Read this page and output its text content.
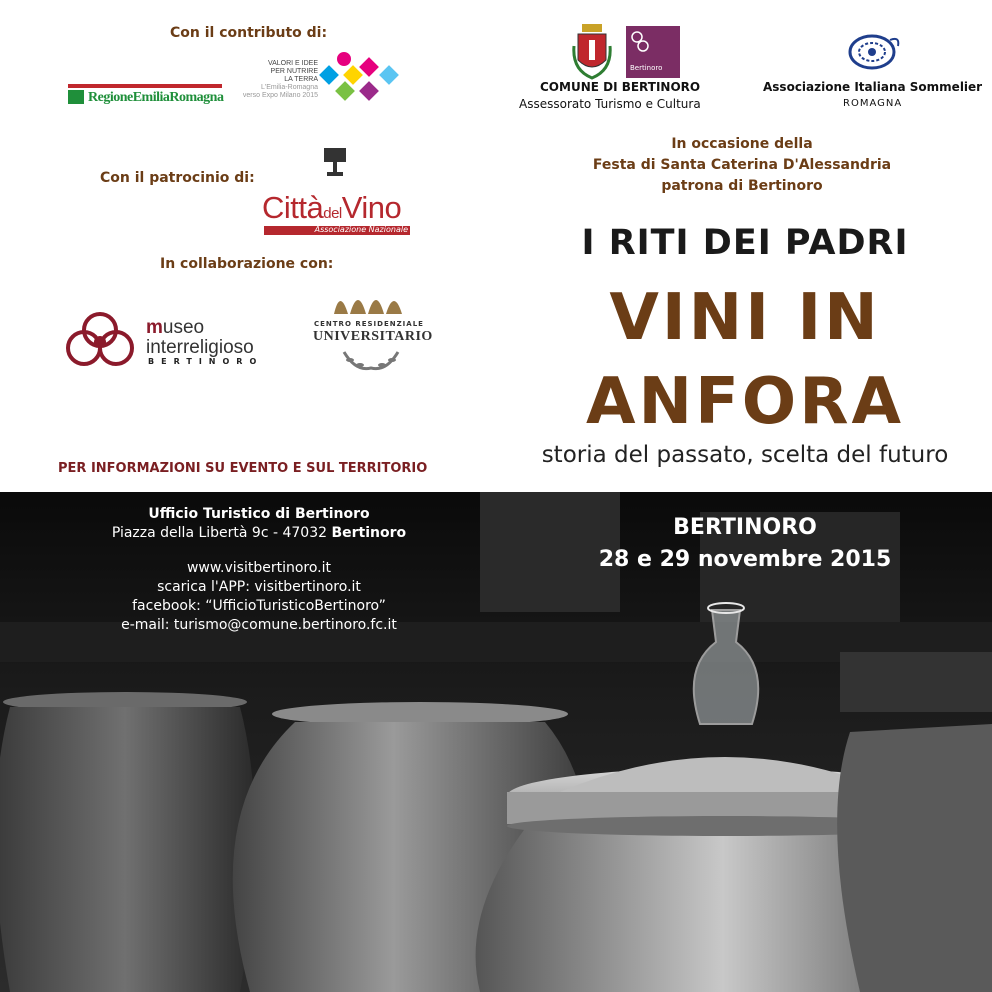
Con il contributo di:
RegioneEmiliaRomagna
VALORI E IDEE
PER NUTRIRE
LA TERRA
L'Emilia-Romagna
verso Expo Milano 2015
Con il patrocinio di:
CittàdelVino
Associazione Nazionale
In collaborazione con:
museo
interreligioso
BERTINORO
CENTRO RESIDENZIALE
UNIVERSITARIO
Bertinoro
COMUNE DI BERTINORO
Assessorato Turismo e Cultura
Associazione Italiana Sommelier
ROMAGNA
In occasione della
Festa di Santa Caterina D'Alessandria
patrona di Bertinoro
I RITI DEI PADRI
VINI IN
ANFORA
storia del passato, scelta del futuro
PER INFORMAZIONI SU EVENTO E SUL TERRITORIO
Ufficio Turistico di Bertinoro
Piazza della Libertà 9c - 47032 Bertinoro
www.visitbertinoro.it
scarica l'APP: visitbertinoro.it
facebook: “UfficioTuristicoBertinoro”
e-mail: turismo@comune.bertinoro.fc.it
BERTINORO
28 e 29 novembre 2015
